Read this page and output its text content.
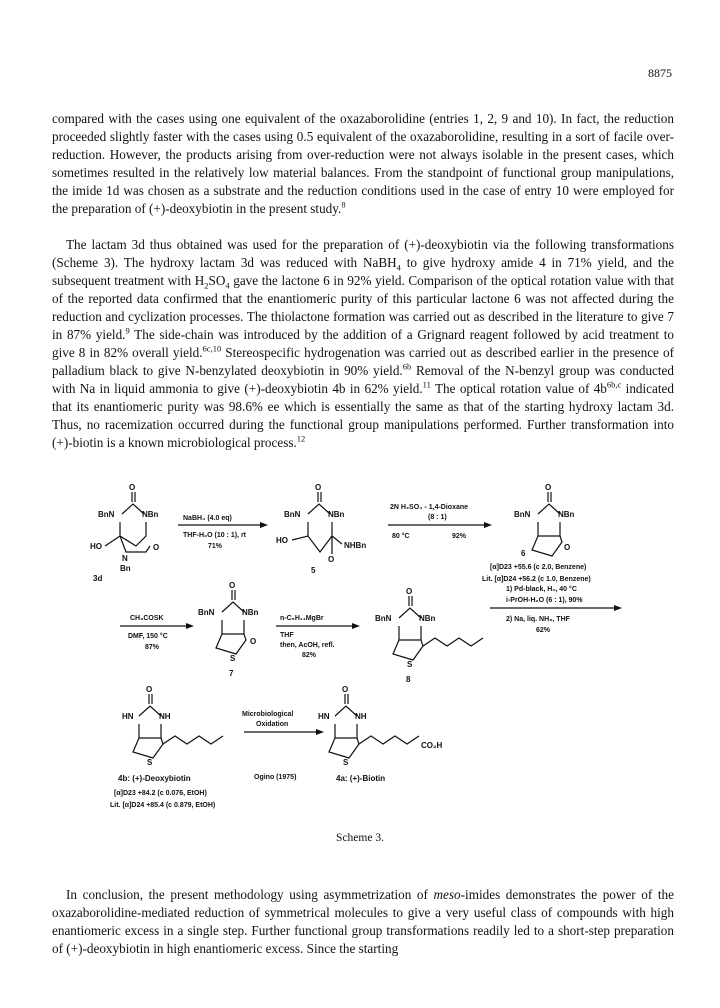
8875

compared with the cases using one equivalent of the oxazaborolidine (entries 1, 2, 9 and 10). In fact, the reduction proceeded slightly faster with the cases using 0.5 equivalent of the oxazaborolidine, resulting in a sort of facile over-reduction. However, the products arising from over-reduction were not always isolable in the present cases, which sometimes resulted in the relatively low material balances. From the standpoint of functional group manipulations, the imide 1d was chosen as a substrate and the reduction conditions used in the case of entry 10 were employed for the preparation of (+)-deoxybiotin in the present study.$^8$

The lactam 3d thus obtained was used for the preparation of (+)-deoxybiotin via the following transformations (Scheme 3). The hydroxy lactam 3d was reduced with NaBH$_4$ to give hydroxy amide 4 in 71% yield, and the subsequent treatment with $H_2SO_4$ gave the lactone 6 in 92% yield. Comparison of the optical rotation value with that of the reported data confirmed that the enantiomeric purity of this particular lactone 6 was not affected during the reduction and cyclization processes. The thiolactone formation was carried out as described in the literature to give 7 in 87% yield.$^9$ The side-chain was introduced by the addition of a Grignard reagent followed by acid treatment to give 8 in 82% overall yield.$^{6c,10}$ Stereospecific hydrogenation was carried out as described earlier in the presence of palladium black to give N-benzylated deoxybiotin in 90% yield.$^{6b}$ Removal of the N-benzyl group was conducted with Na in liquid ammonia to give (+)-deoxybiotin 4b in 62% yield.$^{11}$ The optical rotation value of $4b^{6b,c}$ indicated that its enantiomeric purity was 98.6% ee which is essentially the same as that of the starting hydroxy lactam 3d. Thus, no racemization occurred during the functional group manipulations performed. Further transformation into (+)-biotin is a known microbiological process.$^{12}$

O
BnN	NBn
HO
N
Bn
O
3d
NaBH₄ (4.0 eq)
THF-H₂O (10 : 1), rt
71%
O
BnN	NBn
HO
NHBn
O
5
2N H₂SO₄ - 1,4-Dioxane
(8 : 1)
80 °C	92%
O
BnN	NBn
O
6
[α]D23 +55.6 (c 2.0, Benzene)
Lit. [α]D24 +56.2 (c 1.0, Benzene)
CH₃COSK
DMF, 150 °C
87%
O
BnN	NBn
S
O
7
n-C₅H₁₁MgBr
THF
then, AcOH, refl.
82%
O
BnN	NBn
S
8
1) Pd-black, H₂, 40 °C
i-PrOH-H₂O (6 : 1), 90%
2) Na, liq. NH₃, THF
62%
O
HN	NH
S
4b: (+)-Deoxybiotin
[α]D23 +84.2 (c 0.076, EtOH)
Lit. [α]D24 +85.4 (c 0.879, EtOH)
Microbiological
Oxidation
Ogino (1975)
O
HN	NH
CO₂H
S
4a: (+)-Biotin
Scheme 3.

In conclusion, the present methodology using asymmetrization of meso-imides demonstrates the power of the oxazaborolidine-mediated reduction of symmetrical molecules to give a very useful class of compounds with high enantiomeric excess in a single step. Further functional group transformations readily led to a short-step preparation of (+)-deoxybiotin in high enantiomeric excess. Since the starting
